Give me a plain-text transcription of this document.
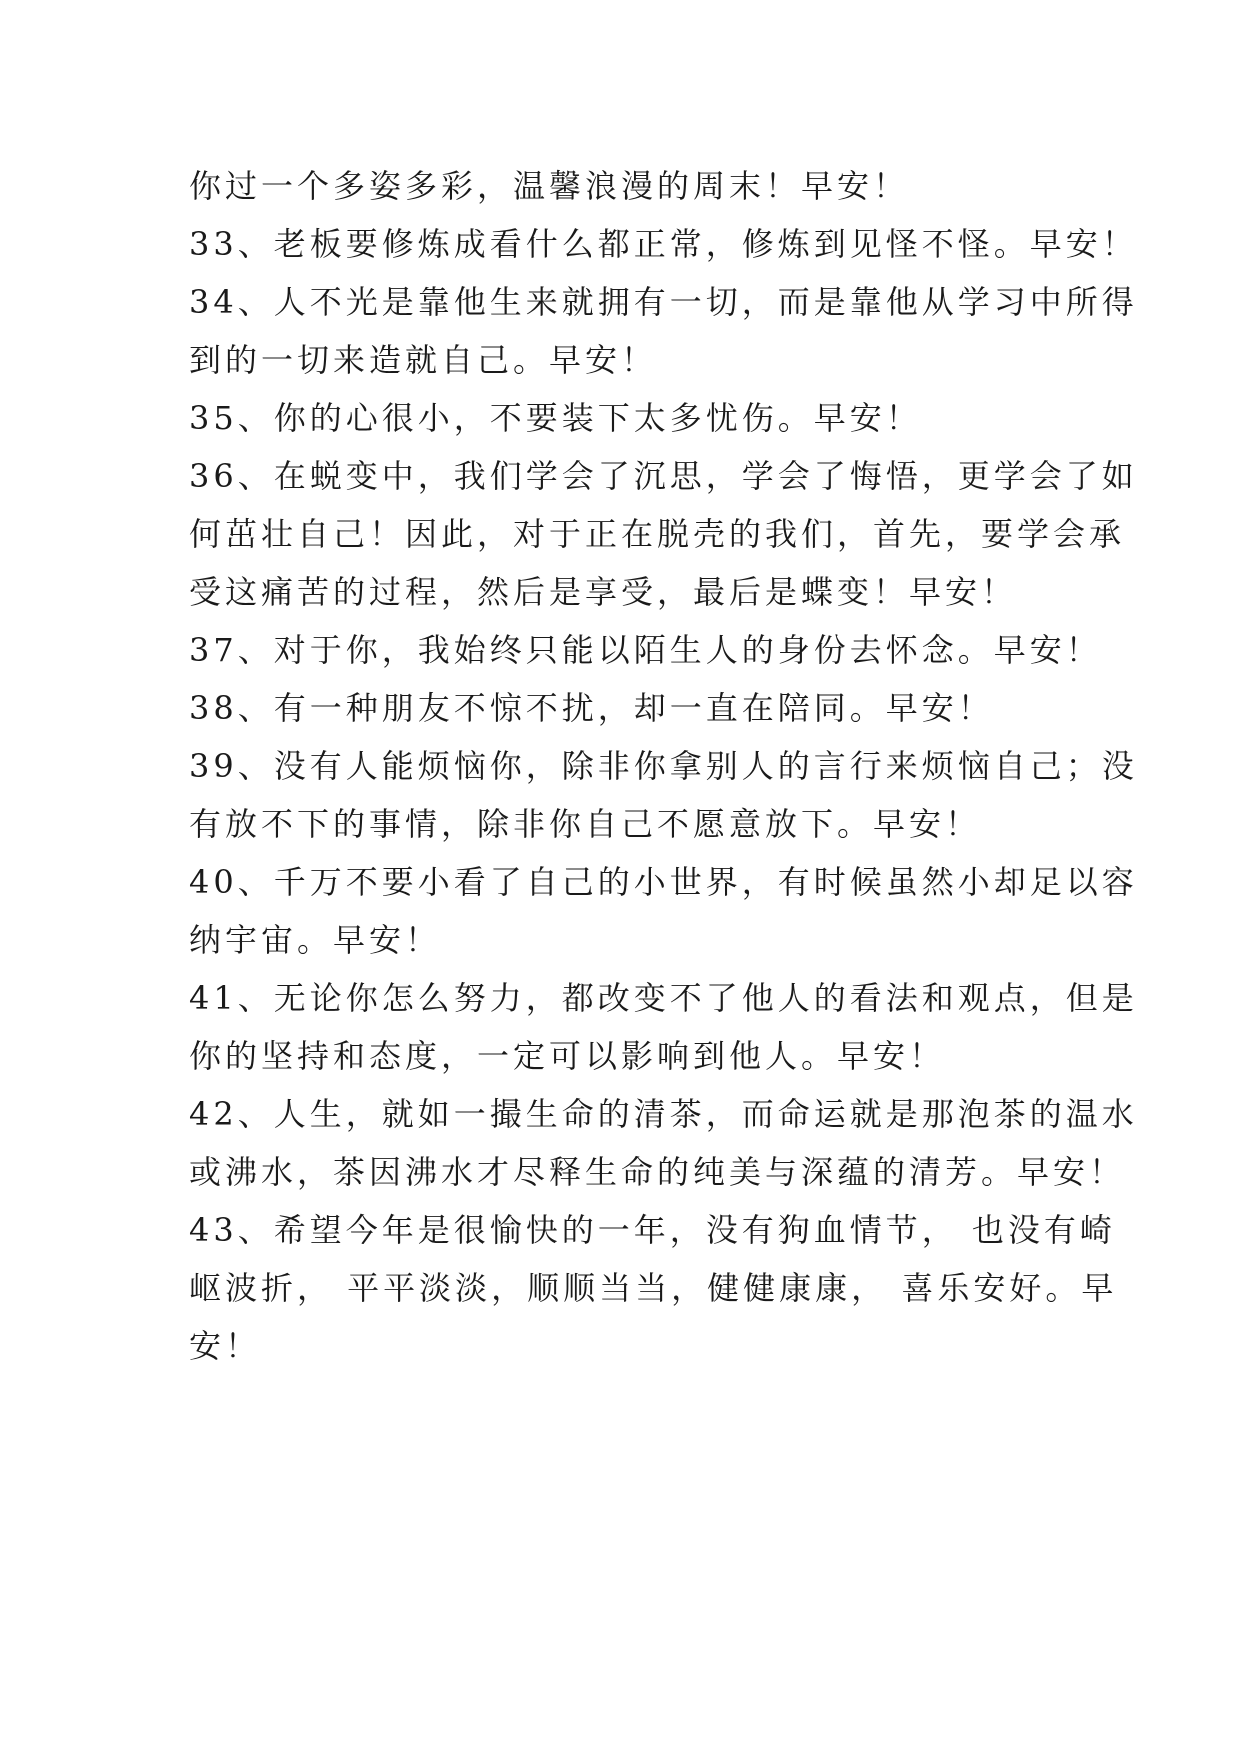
你过一个多姿多彩，温馨浪漫的周末！早安！
33、老板要修炼成看什么都正常，修炼到见怪不怪。早安！
34、人不光是靠他生来就拥有一切，而是靠他从学习中所得
到的一切来造就自己。早安！
35、你的心很小，不要装下太多忧伤。早安！
36、在蜕变中，我们学会了沉思，学会了悔悟，更学会了如
何茁壮自己！因此，对于正在脱壳的我们，首先，要学会承
受这痛苦的过程，然后是享受，最后是蝶变！早安！
37、对于你，我始终只能以陌生人的身份去怀念。早安！
38、有一种朋友不惊不扰，却一直在陪同。早安！
39、没有人能烦恼你，除非你拿别人的言行来烦恼自己；没
有放不下的事情，除非你自己不愿意放下。早安！
40、千万不要小看了自己的小世界，有时候虽然小却足以容
纳宇宙。早安！
41、无论你怎么努力，都改变不了他人的看法和观点，但是
你的坚持和态度，一定可以影响到他人。早安！
42、人生，就如一撮生命的清茶，而命运就是那泡茶的温水
或沸水，茶因沸水才尽释生命的纯美与深蕴的清芳。早安！
43、希望今年是很愉快的一年，没有狗血情节， 也没有崎
岖波折， 平平淡淡，顺顺当当，健健康康， 喜乐安好。早
安！
